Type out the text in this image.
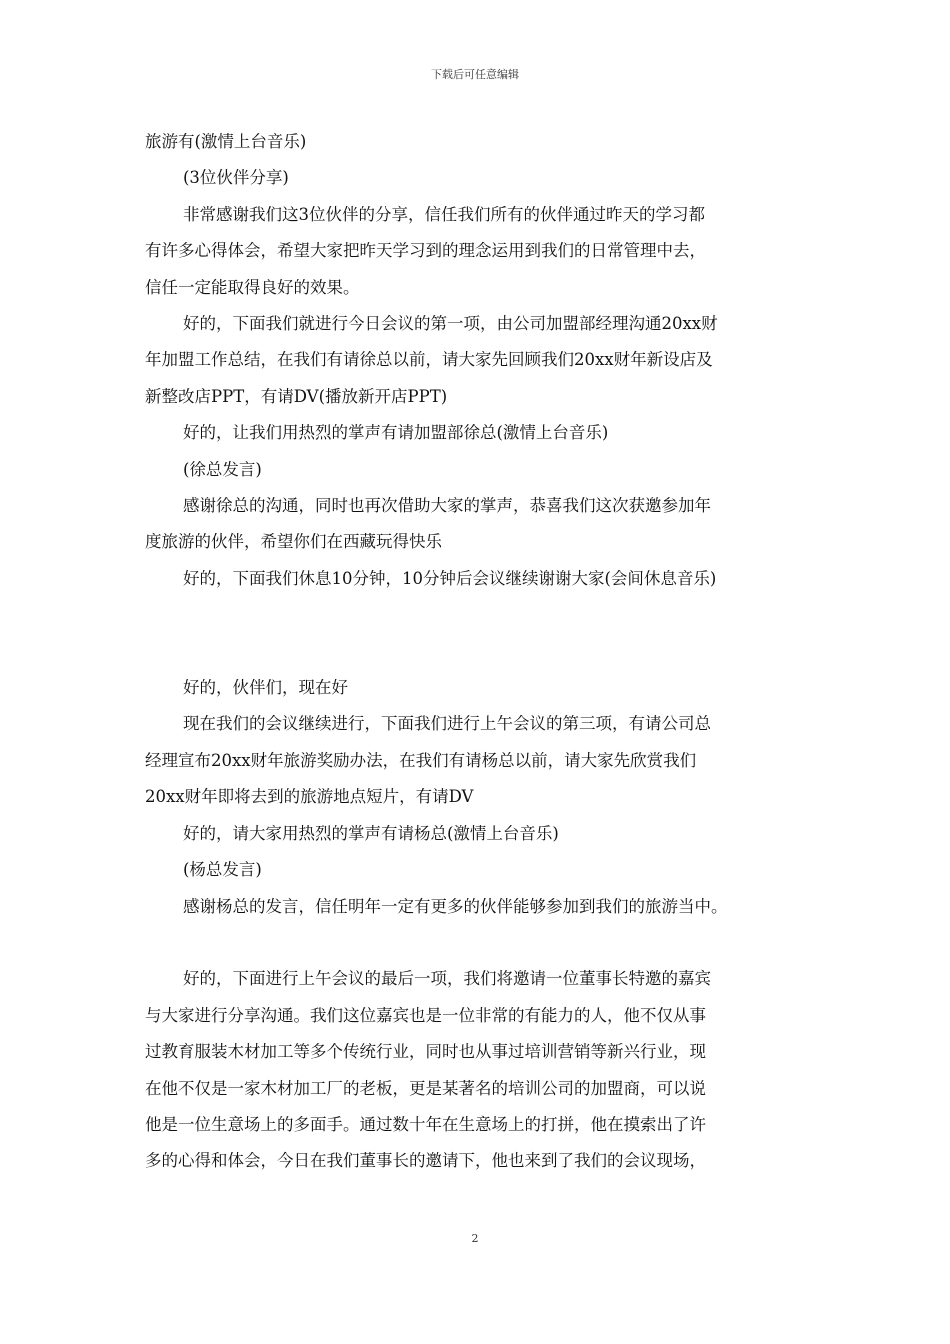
下载后可任意编辑

旅游有(激情上台音乐)

(3位伙伴分享)

非常感谢我们这3位伙伴的分享，信任我们所有的伙伴通过昨天的学习都

有许多心得体会，希望大家把昨天学习到的理念运用到我们的日常管理中去，

信任一定能取得良好的效果。

好的，下面我们就进行今日会议的第一项，由公司加盟部经理沟通20xx财

年加盟工作总结，在我们有请徐总以前，请大家先回顾我们20xx财年新设店及

新整改店PPT，有请DV(播放新开店PPT)

好的，让我们用热烈的掌声有请加盟部徐总(激情上台音乐)

(徐总发言)

感谢徐总的沟通，同时也再次借助大家的掌声，恭喜我们这次获邀参加年

度旅游的伙伴，希望你们在西藏玩得快乐

好的，下面我们休息10分钟，10分钟后会议继续谢谢大家(会间休息音乐)

好的，伙伴们，现在好

现在我们的会议继续进行，下面我们进行上午会议的第三项，有请公司总

经理宣布20xx财年旅游奖励办法，在我们有请杨总以前，请大家先欣赏我们

20xx财年即将去到的旅游地点短片，有请DV

好的，请大家用热烈的掌声有请杨总(激情上台音乐)

(杨总发言)

感谢杨总的发言，信任明年一定有更多的伙伴能够参加到我们的旅游当中。

好的，下面进行上午会议的最后一项，我们将邀请一位董事长特邀的嘉宾

与大家进行分享沟通。我们这位嘉宾也是一位非常的有能力的人，他不仅从事

过教育服装木材加工等多个传统行业，同时也从事过培训营销等新兴行业，现

在他不仅是一家木材加工厂的老板，更是某著名的培训公司的加盟商，可以说

他是一位生意场上的多面手。通过数十年在生意场上的打拼，他在摸索出了许

多的心得和体会，今日在我们董事长的邀请下，他也来到了我们的会议现场，

2
